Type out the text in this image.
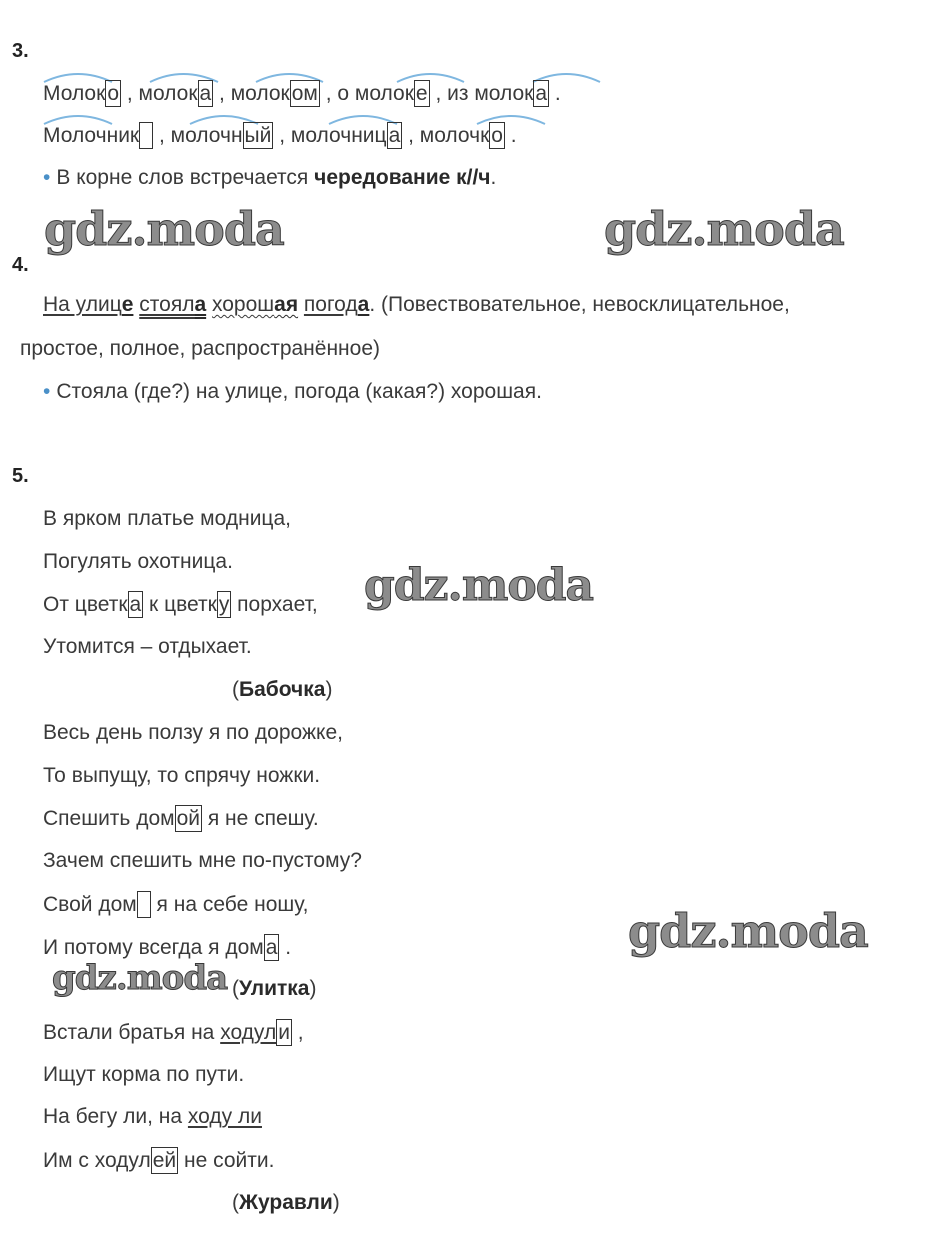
3.
Молоко , молока , молоком , о молоке , из молока .
Молочник , молочный , молочница , молочко .
• В корне слов встречается чередование к//ч.
gdz.moda	gdz.moda
4.
На улице стояла хорошая погода. (Повествовательное, невосклицательное,
простое, полное, распространённое)
• Стояла (где?) на улице, погода (какая?) хорошая.
5.
В ярком платье модница,
Погулять охотница.
От цветка к цветку порхает, gdz.moda
Утомится – отдыхает.
(Бабочка)
Весь день ползу я по дорожке,
То выпущу, то спрячу ножки.
Спешить домой я не спешу.
Зачем спешить мне по-пустому?
Свой дом я на себе ношу,
И потому всегда я дома .	gdz.moda
gdz.moda (Улитка)
Встали братья на ходули ,
Ищут корма по пути.
На бегу ли, на ходу ли
Им с ходулей не сойти.
(Журавли)
